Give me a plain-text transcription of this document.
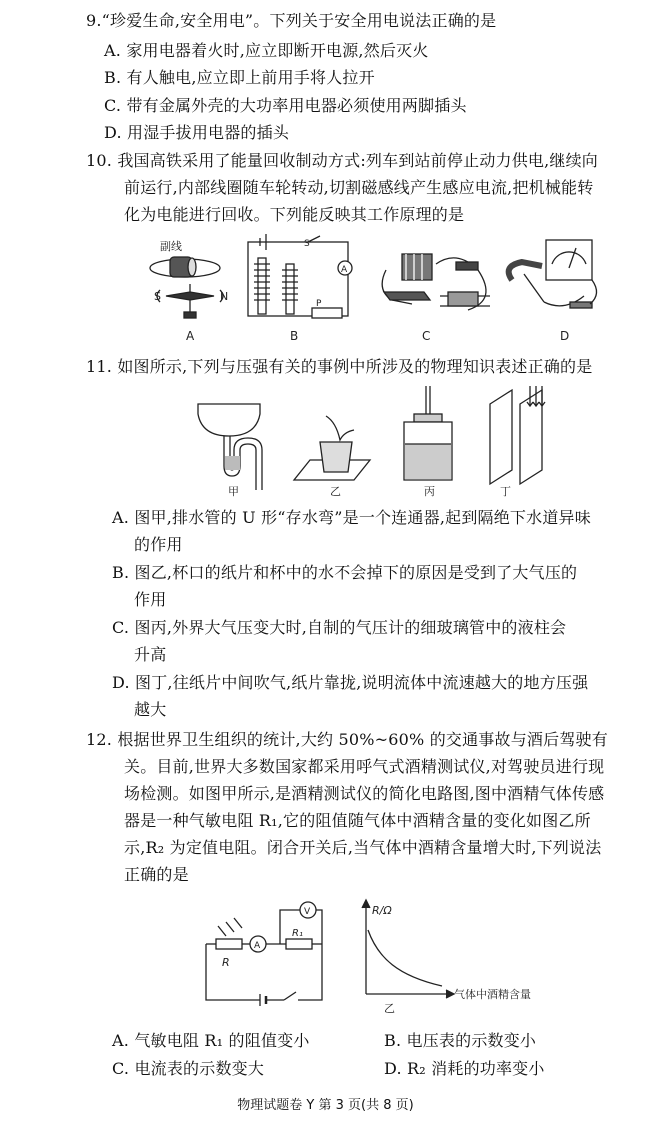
9.“珍爱生命,安全用电”。下列关于安全用电说法正确的是
A. 家用电器着火时,应立即断开电源,然后灭火
B. 有人触电,应立即上前用手将人拉开
C. 带有金属外壳的大功率用电器必须使用两脚插头
D. 用湿手拔用电器的插头
10. 我国高铁采用了能量回收制动方式:列车到站前停止动力供电,继续向
前运行,内部线圈随车轮转动,切割磁感线产生感应电流,把机械能转
化为电能进行回收。下列能反映其工作原理的是
副线
S	N
A
A
P
S
B	C	D
11. 如图所示,下列与压强有关的事例中所涉及的物理知识表述正确的是
甲	乙	丙	丁
A. 图甲,排水管的 U 形“存水弯”是一个连通器,起到隔绝下水道异味
的作用
B. 图乙,杯口的纸片和杯中的水不会掉下的原因是受到了大气压的
作用
C. 图丙,外界大气压变大时,自制的气压计的细玻璃管中的液柱会
升高
D. 图丁,往纸片中间吹气,纸片靠拢,说明流体中流速越大的地方压强
越大
12. 根据世界卫生组织的统计,大约 50%~60% 的交通事故与酒后驾驶有
关。目前,世界大多数国家都采用呼气式酒精测试仪,对驾驶员进行现
场检测。如图甲所示,是酒精测试仪的简化电路图,图中酒精气体传感
器是一种气敏电阻 R₁,它的阻值随气体中酒精含量的变化如图乙所
示,R₂ 为定值电阻。闭合开关后,当气体中酒精含量增大时,下列说法
正确的是
R
R₁
V
A
R/Ω
气体中酒精含量
乙
A. 气敏电阻 R₁ 的阻值变小	B. 电压表的示数变小
C. 电流表的示数变大	D. R₂ 消耗的功率变小
物理试题卷 Y 第 3 页(共 8 页)
